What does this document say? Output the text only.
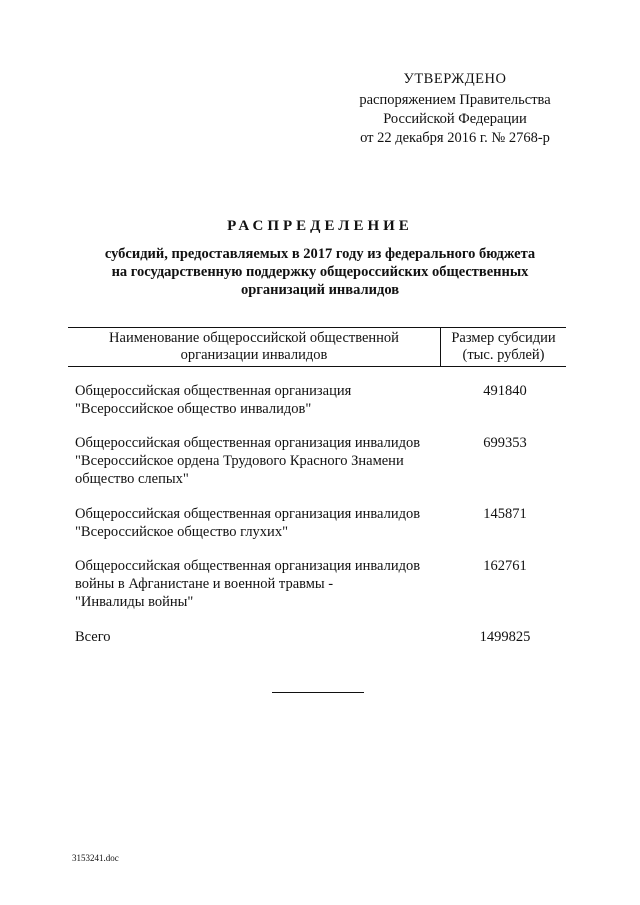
УТВЕРЖДЕНО
распоряжением Правительства
Российской Федерации
от 22 декабря 2016 г. № 2768-р
РАСПРЕДЕЛЕНИЕ
субсидий, предоставляемых в 2017 году из федерального бюджета
на государственную поддержку общероссийских общественных
организаций инвалидов
Наименование общероссийской общественной
организации инвалидов
Размер субсидии
(тыс. рублей)
Общероссийская общественная организация
"Всероссийское общество инвалидов"
491840
Общероссийская общественная организация инвалидов
"Всероссийское ордена Трудового Красного Знамени
общество слепых"
699353
Общероссийская общественная организация инвалидов
"Всероссийское общество глухих"
145871
Общероссийская общественная организация инвалидов
войны в Афганистане и военной травмы -
"Инвалиды войны"
162761
Всего	1499825
3153241.doc
